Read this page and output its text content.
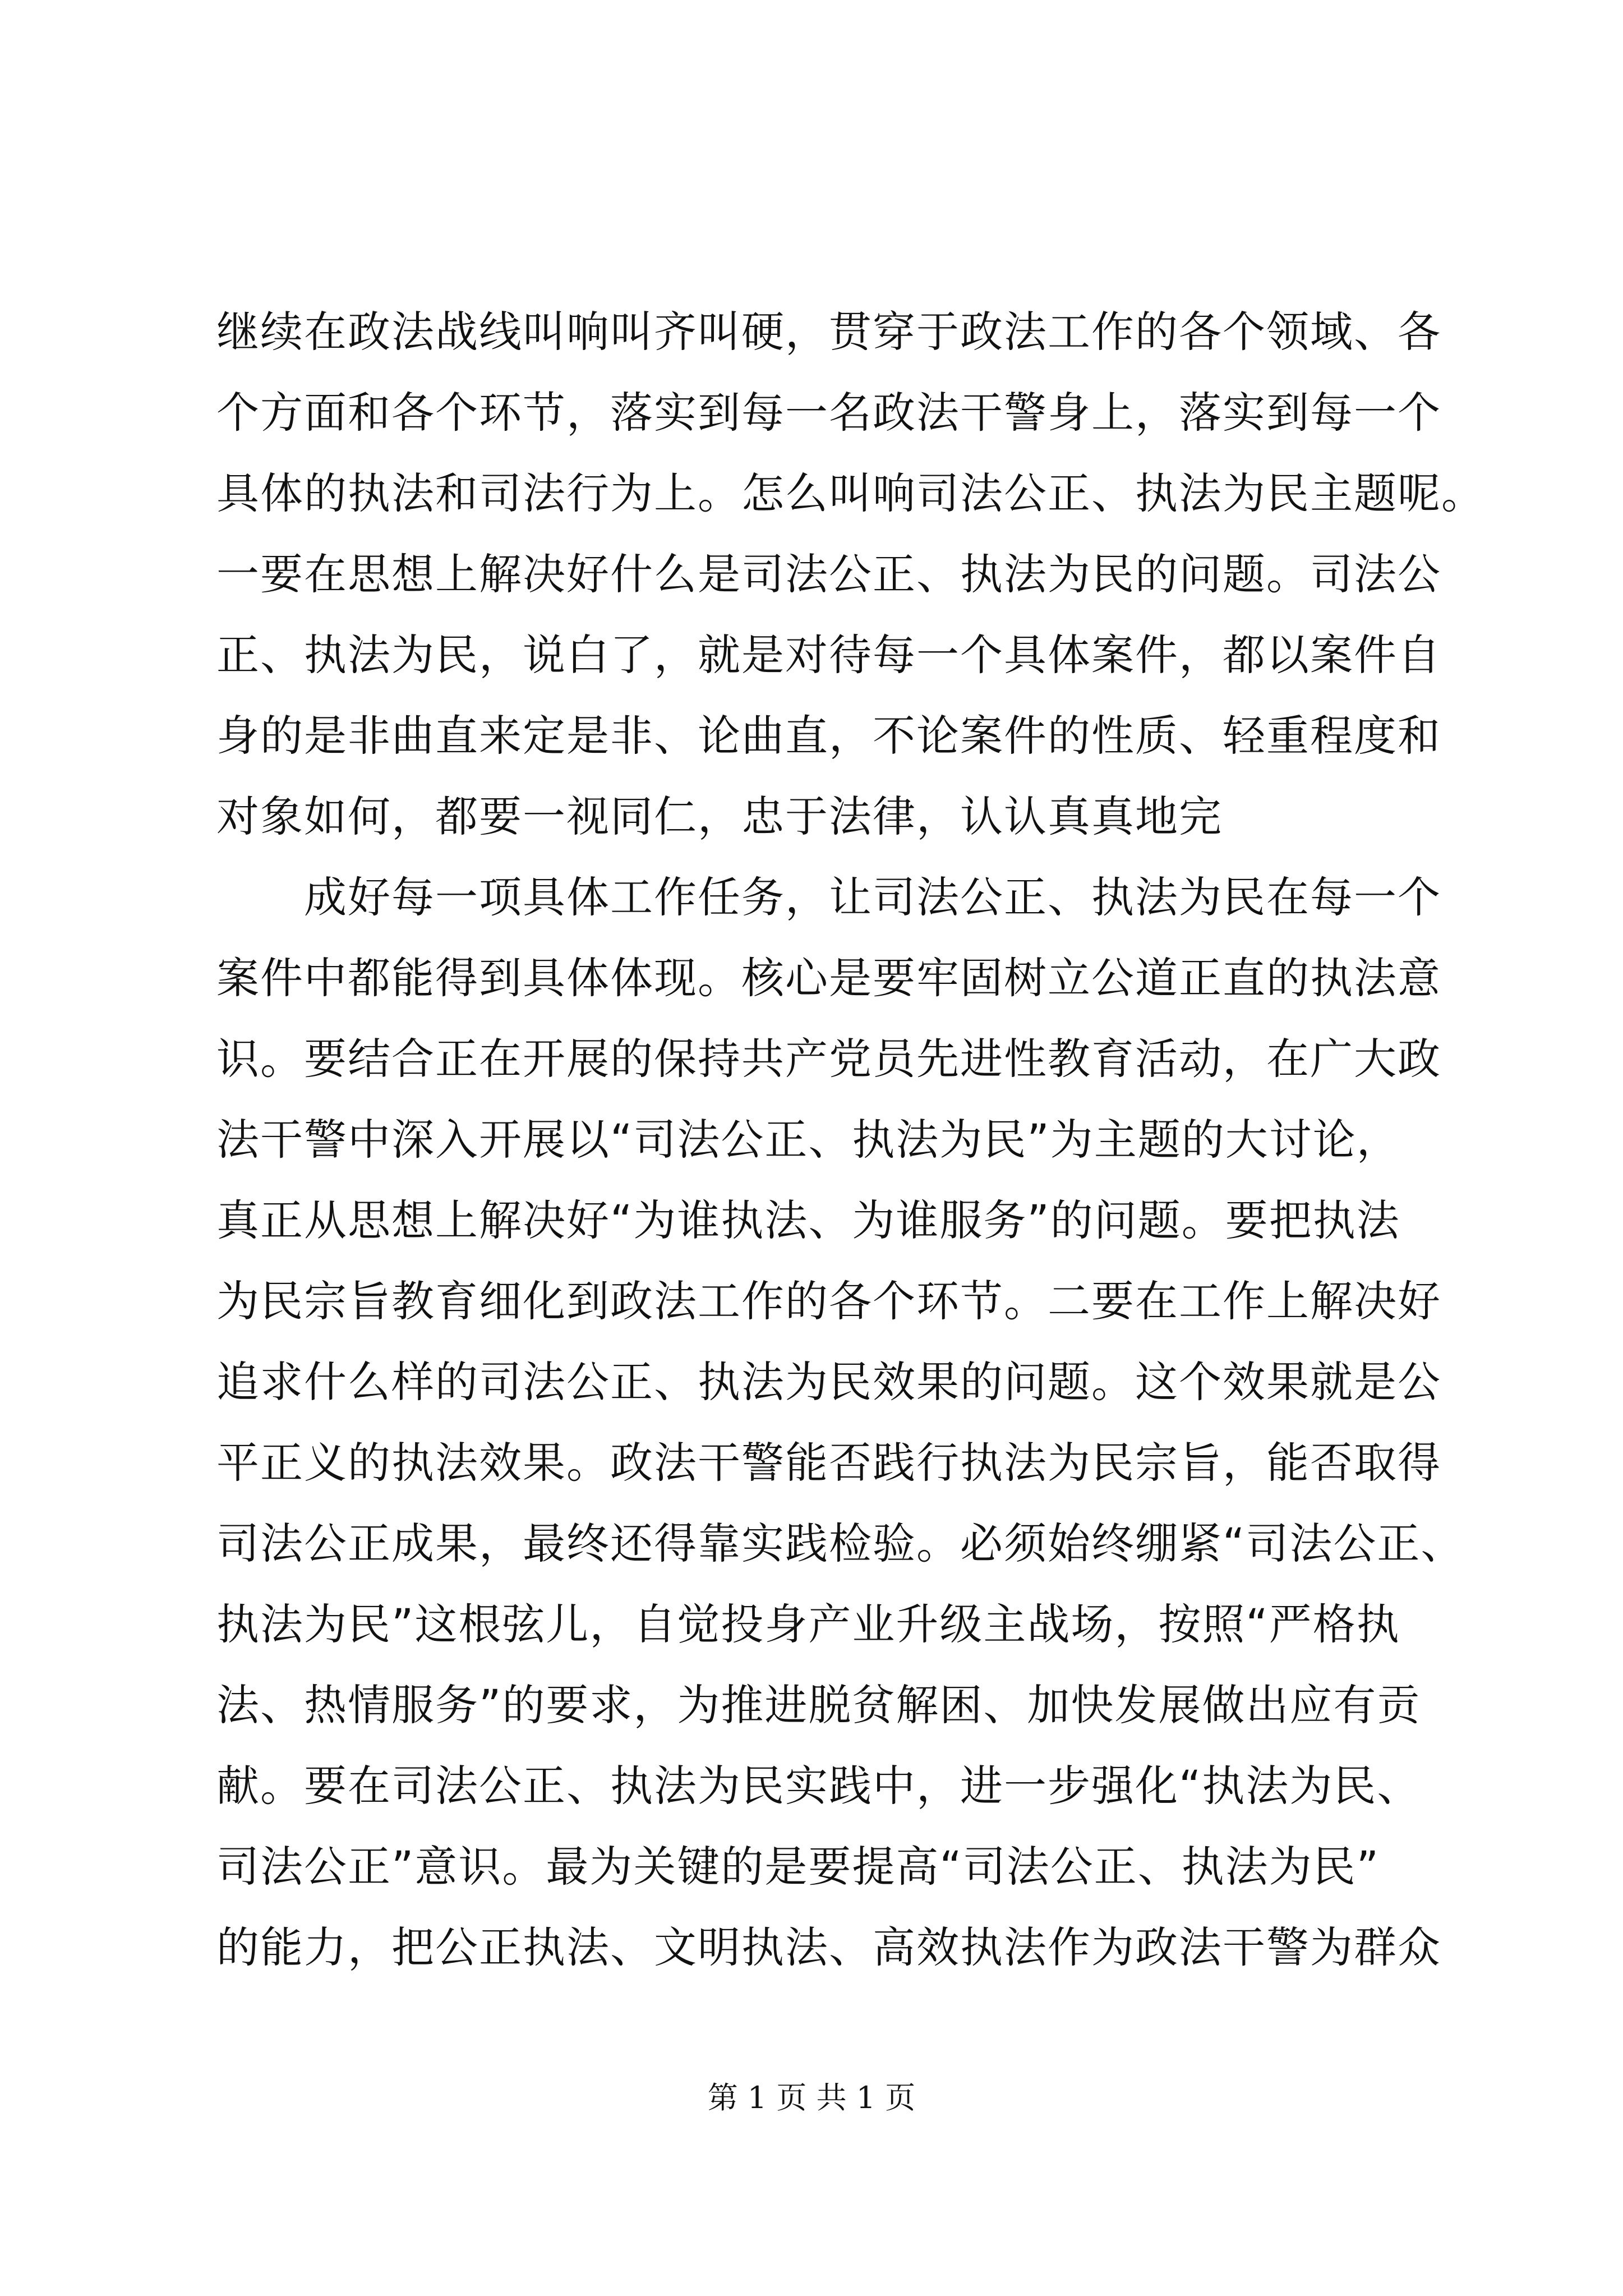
继续在政法战线叫响叫齐叫硬，贯穿于政法工作的各个领域、各
个方面和各个环节，落实到每一名政法干警身上，落实到每一个
具体的执法和司法行为上。怎么叫响司法公正、执法为民主题呢。
一要在思想上解决好什么是司法公正、执法为民的问题。司法公
正、执法为民，说白了，就是对待每一个具体案件，都以案件自
身的是非曲直来定是非、论曲直，不论案件的性质、轻重程度和
对象如何，都要一视同仁，忠于法律，认认真真地完
　　成好每一项具体工作任务，让司法公正、执法为民在每一个
案件中都能得到具体体现。核心是要牢固树立公道正直的执法意
识。要结合正在开展的保持共产党员先进性教育活动，在广大政
法干警中深入开展以“司法公正、执法为民”为主题的大讨论，
真正从思想上解决好“为谁执法、为谁服务”的问题。要把执法
为民宗旨教育细化到政法工作的各个环节。二要在工作上解决好
追求什么样的司法公正、执法为民效果的问题。这个效果就是公
平正义的执法效果。政法干警能否践行执法为民宗旨，能否取得
司法公正成果，最终还得靠实践检验。必须始终绷紧“司法公正、
执法为民”这根弦儿，自觉投身产业升级主战场，按照“严格执
法、热情服务”的要求，为推进脱贫解困、加快发展做出应有贡
献。要在司法公正、执法为民实践中，进一步强化“执法为民、
司法公正”意识。最为关键的是要提高“司法公正、执法为民”
的能力，把公正执法、文明执法、高效执法作为政法干警为群众
第 1 页 共 1 页
